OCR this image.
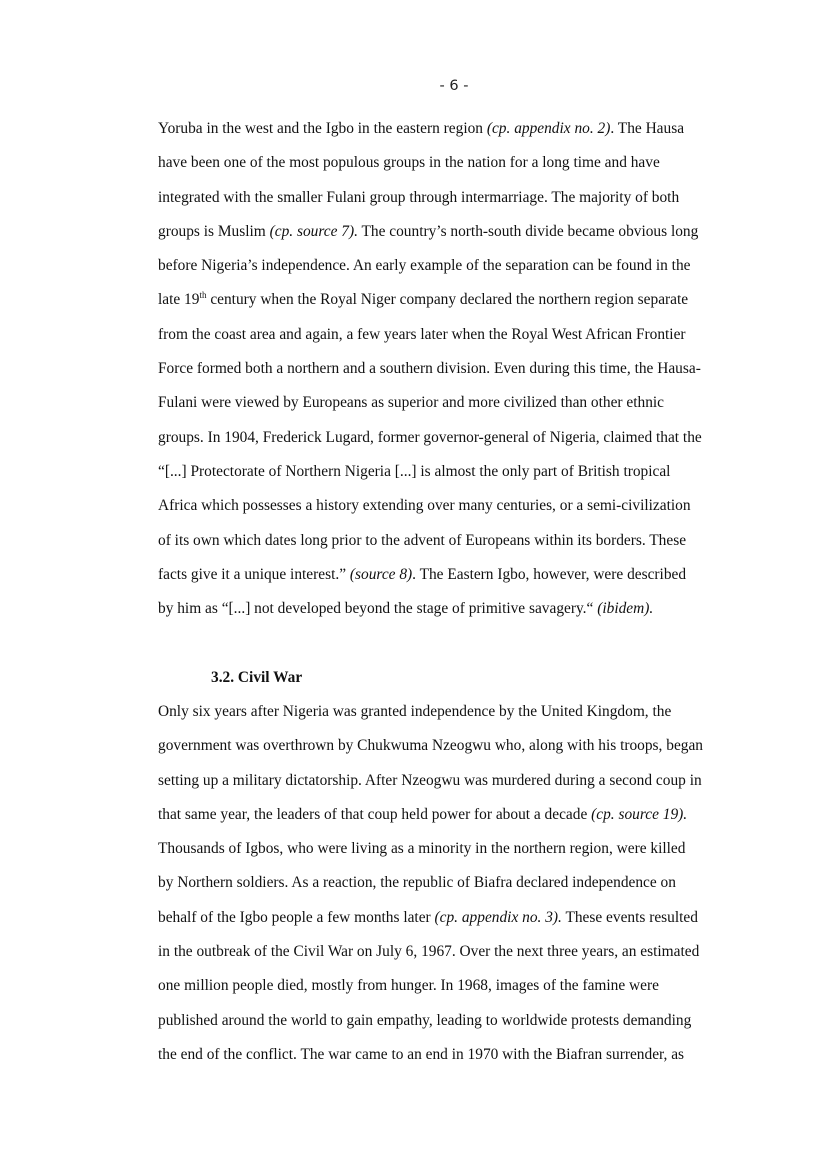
- 6 -
Yoruba in the west and the Igbo in the eastern region (cp. appendix no. 2). The Hausa
have been one of the most populous groups in the nation for a long time and have
integrated with the smaller Fulani group through intermarriage. The majority of both
groups is Muslim (cp. source 7). The country’s north-south divide became obvious long
before Nigeria’s independence. An early example of the separation can be found in the
late 19th century when the Royal Niger company declared the northern region separate
from the coast area and again, a few years later when the Royal West African Frontier
Force formed both a northern and a southern division. Even during this time, the Hausa-
Fulani were viewed by Europeans as superior and more civilized than other ethnic
groups. In 1904, Frederick Lugard, former governor-general of Nigeria, claimed that the
“[...] Protectorate of Northern Nigeria [...] is almost the only part of British tropical
Africa which possesses a history extending over many centuries, or a semi-civilization
of its own which dates long prior to the advent of Europeans within its borders. These
facts give it a unique interest.” (source 8). The Eastern Igbo, however, were described
by him as “[...] not developed beyond the stage of primitive savagery.“ (ibidem).
3.2. Civil War
Only six years after Nigeria was granted independence by the United Kingdom, the
government was overthrown by Chukwuma Nzeogwu who, along with his troops, began
setting up a military dictatorship. After Nzeogwu was murdered during a second coup in
that same year, the leaders of that coup held power for about a decade (cp. source 19).
Thousands of Igbos, who were living as a minority in the northern region, were killed
by Northern soldiers. As a reaction, the republic of Biafra declared independence on
behalf of the Igbo people a few months later (cp. appendix no. 3). These events resulted
in the outbreak of the Civil War on July 6, 1967. Over the next three years, an estimated
one million people died, mostly from hunger. In 1968, images of the famine were
published around the world to gain empathy, leading to worldwide protests demanding
the end of the conflict. The war came to an end in 1970 with the Biafran surrender, as
